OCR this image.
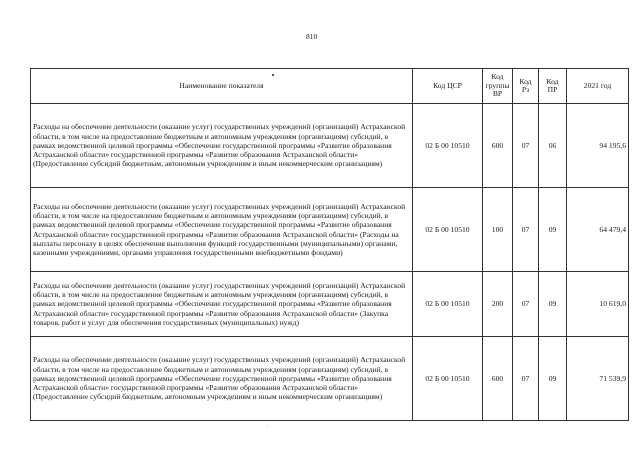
810
Наименование показателя	Код ЦСР	Код группы ВР	Код Рз	Код ПР	2021 год
Расходы на обеспечение деятельности (оказание услуг) государственных учреждений (организаций) Астраханской области, в том числе на предоставление бюджетным и автономным учреждениям (организациям) субсидий, в рамках ведомственной целевой программы «Обеспечение государственной программы «Развитие образования Астраханской области» государственной программы «Развитие образования Астраханской области» (Предоставление субсидий бюджетным, автономным учреждениям и иным некоммерческим организациям)	02 Б 00 10510	600	07	06	94 195,6
Расходы на обеспечение деятельности (оказание услуг) государственных учреждений (организаций) Астраханской области, в том числе на предоставление бюджетным и автономным учреждениям (организациям) субсидий, в рамках ведомственной целевой программы «Обеспечение государственной программы «Развитие образования Астраханской области» государственной программы «Развитие образования Астраханской области» (Расходы на выплаты персоналу в целях обеспечения выполнения функций государственными (муниципальными) органами, казенными учреждениями, органами управления государственными внебюджетными фондами)	02 Б 00 10510	100	07	09	64 479,4
Расходы на обеспечение деятельности (оказание услуг) государственных учреждений (организаций) Астраханской области, в том числе на предоставление бюджетным и автономным учреждениям (организациям) субсидий, в рамках ведомственной целевой программы «Обеспечение государственной программы «Развитие образования Астраханской области» государственной программы «Развитие образования Астраханской области» (Закупка товаров, работ и услуг для обеспечения государственных (муниципальных) нужд)	02 Б 00 10510	200	07	09	10 619,0
Расходы на обеспечение деятельности (оказание услуг) государственных учреждений (организаций) Астраханской области, в том числе на предоставление бюджетным и автономным учреждениям (организациям) субсидий, в рамках ведомственной целевой программы «Обеспечение государственной программы «Развитие образования Астраханской области» государственной программы «Развитие образования Астраханской области» (Предоставление субсидий бюджетным, автономным учреждениям и иным некоммерческим организациям)	02 Б 00 10510	600	07	09	71 539,9
·
